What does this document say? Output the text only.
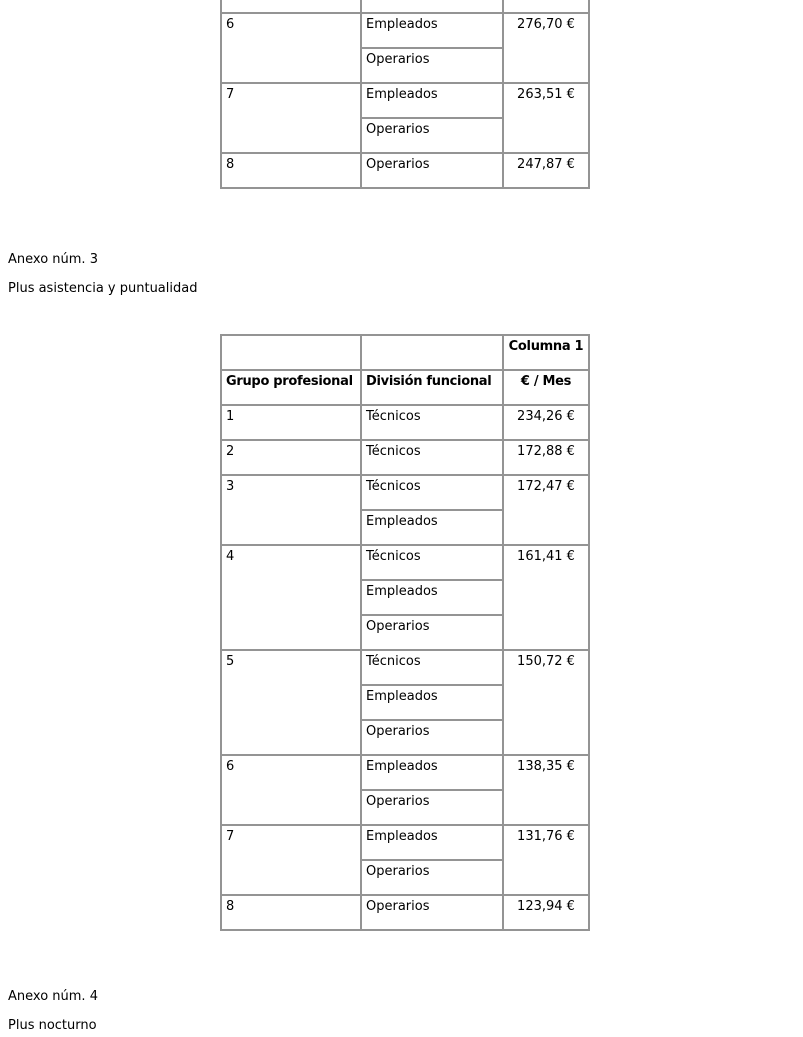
6	Empleados	276,70 €
	Operarios	
7	Empleados	263,51 €
	Operarios	
8	Operarios	247,87 €

Anexo núm. 3

Plus asistencia y puntualidad

		Columna 1
Grupo profesional	División funcional	€ / Mes
1	Técnicos	234,26 €
2	Técnicos	172,88 €
3	Técnicos	172,47 €
	Empleados	
4	Técnicos	161,41 €
	Empleados	
	Operarios	
5	Técnicos	150,72 €
	Empleados	
	Operarios	
6	Empleados	138,35 €
	Operarios	
7	Empleados	131,76 €
	Operarios	
8	Operarios	123,94 €

Anexo núm. 4

Plus nocturno
